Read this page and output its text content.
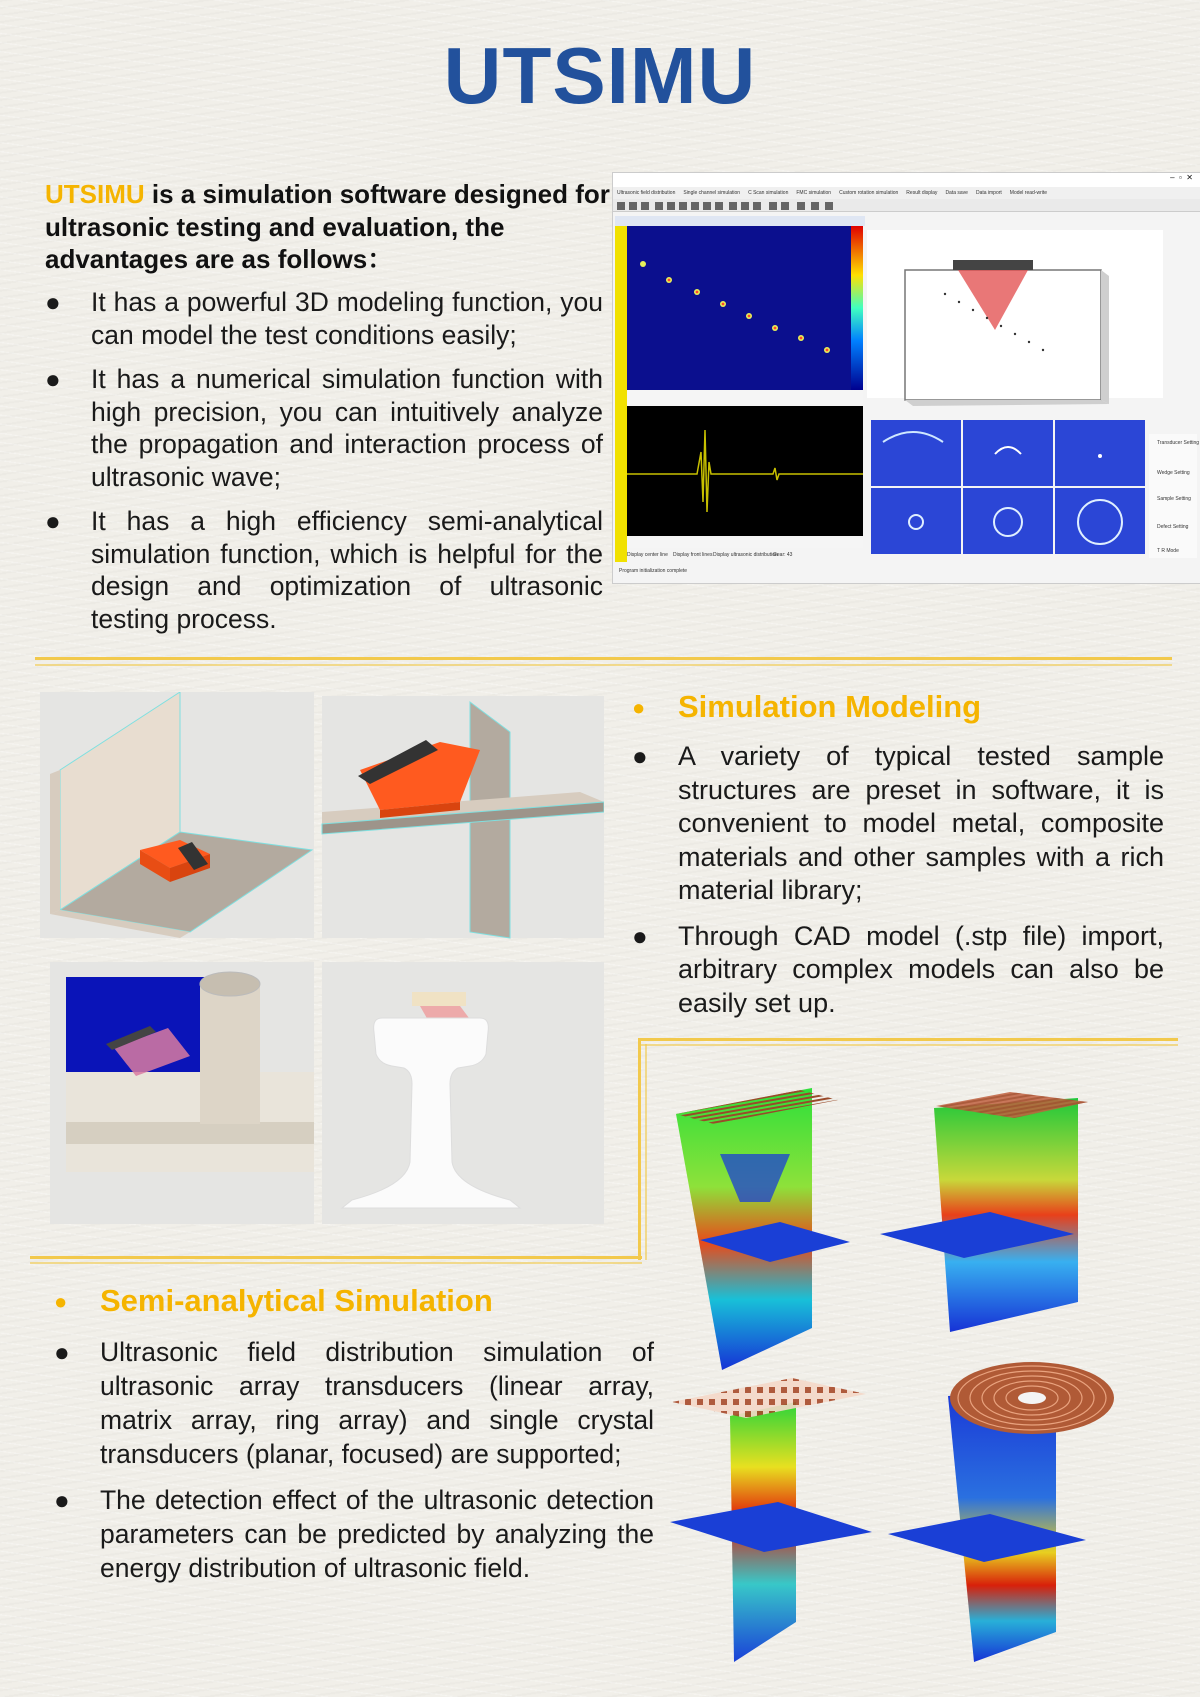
UTSIMU
UTSIMU is a simulation software designed for ultrasonic testing and evaluation, the advantages are as follows：
● It has a powerful 3D modeling function, you can model the test conditions easily;
● It has a numerical simulation function with high precision, you can intuitively analyze the propagation and interaction process of ultrasonic wave;
● It has a high efficiency semi-analytical simulation function, which is helpful for the design and optimization of ultrasonic testing process.
–  ▫  ✕
Ultrasonic field distribution Single channel simulation C Scan simulation FMC simulation Custom rotation simulation Result display Data save Data import Model read-write
Display center line Display front lines Display ultrasonic distribution
Gear: 43
Program initialization complete
Transducer Setting
Wedge Setting
Sample Setting
Defect Setting
T R Mode
● Simulation Modeling
● A variety of typical tested sample structures are preset in software, it is convenient to model metal, composite materials and other samples with a rich material library;
● Through CAD model (.stp file) import, arbitrary complex models can also be easily set up.
● Semi-analytical Simulation
● Ultrasonic field distribution simulation of ultrasonic array transducers (linear array, matrix array, ring array) and single crystal transducers (planar, focused) are supported;
● The detection effect of the ultrasonic detection parameters can be predicted by analyzing the energy distribution of ultrasonic field.
